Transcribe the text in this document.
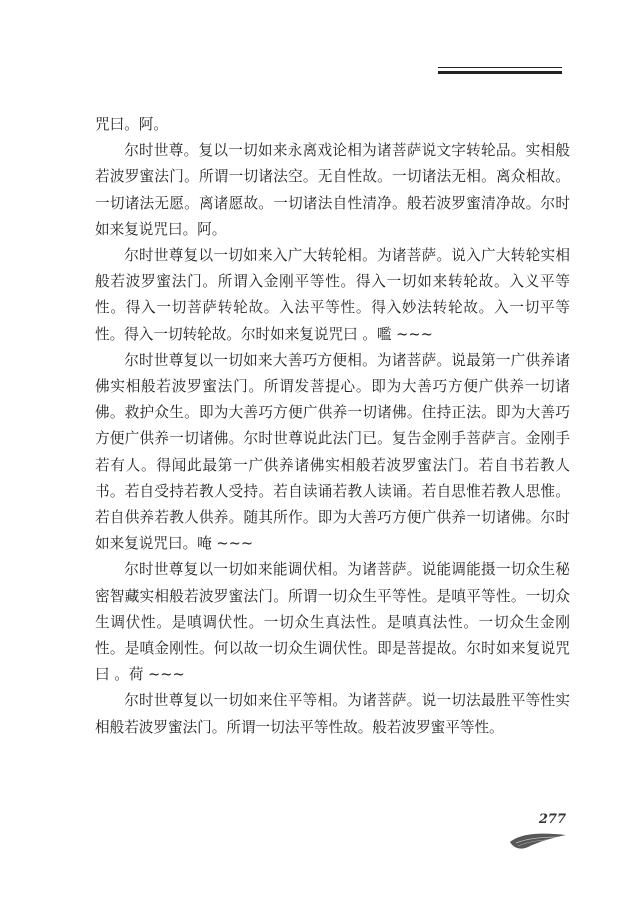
咒曰。阿。

尔时世尊。复以一切如来永离戏论相为诸菩萨说文字转轮品。实相般若波罗蜜法门。所谓一切诸法空。无自性故。一切诸法无相。离众相故。一切诸法无愿。离诸愿故。一切诸法自性清净。般若波罗蜜清净故。尔时如来复说咒曰。阿。

尔时世尊复以一切如来入广大转轮相。为诸菩萨。说入广大转轮实相般若波罗蜜法门。所谓入金刚平等性。得入一切如来转轮故。入义平等性。得入一切菩萨转轮故。入法平等性。得入妙法转轮故。入一切平等性。得入一切转轮故。尔时如来复说咒曰 。嚂 ~~~

尔时世尊复以一切如来大善巧方便相。为诸菩萨。说最第一广供养诸佛实相般若波罗蜜法门。所谓发菩提心。即为大善巧方便广供养一切诸佛。救护众生。即为大善巧方便广供养一切诸佛。住持正法。即为大善巧方便广供养一切诸佛。尔时世尊说此法门已。复告金刚手菩萨言。金刚手若有人。得闻此最第一广供养诸佛实相般若波罗蜜法门。若自书若教人书。若自受持若教人受持。若自读诵若教人读诵。若自思惟若教人思惟。若自供养若教人供养。随其所作。即为大善巧方便广供养一切诸佛。尔时如来复说咒曰。唵 ~~~

尔时世尊复以一切如来能调伏相。为诸菩萨。说能调能摄一切众生秘密智藏实相般若波罗蜜法门。所谓一切众生平等性。是嗔平等性。一切众生调伏性。是嗔调伏性。一切众生真法性。是嗔真法性。一切众生金刚性。是嗔金刚性。何以故一切众生调伏性。即是菩提故。尔时如来复说咒曰 。荷 ~~~

尔时世尊复以一切如来住平等相。为诸菩萨。说一切法最胜平等性实相般若波罗蜜法门。所谓一切法平等性故。般若波罗蜜平等性。

277
